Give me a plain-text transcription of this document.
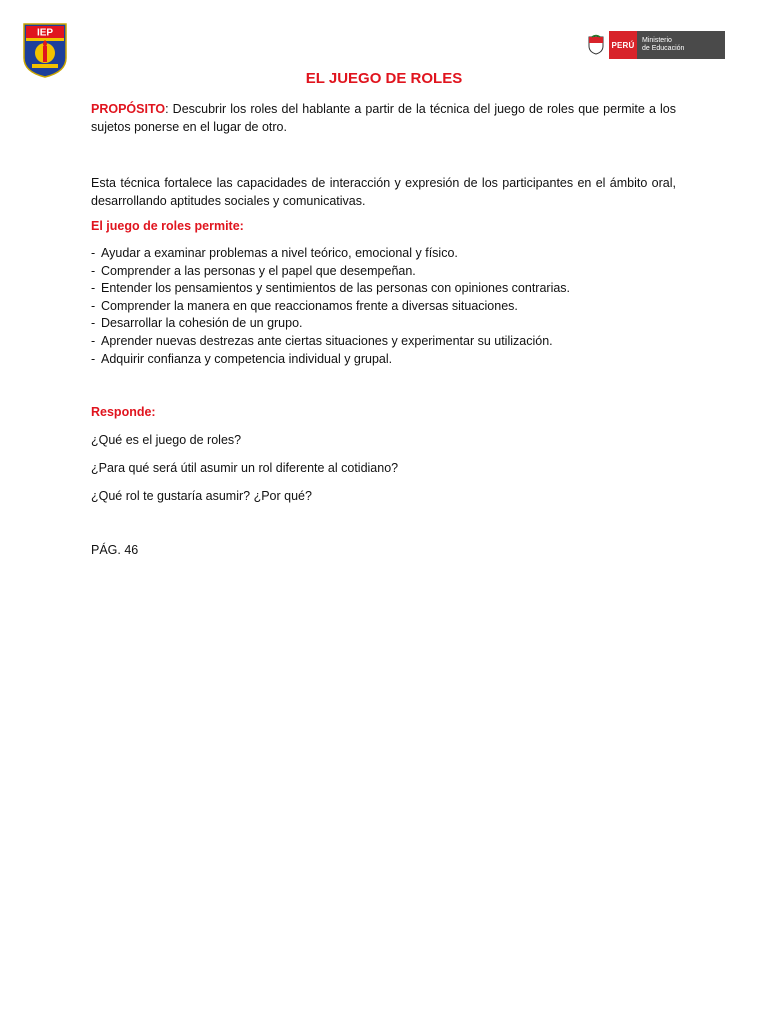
IEP
PERÚ	Ministerio
de Educación
EL JUEGO DE ROLES
PROPÓSITO: Descubrir los roles del hablante a partir de la técnica del juego de roles que permite a los sujetos ponerse en el lugar de otro.
Esta técnica fortalece las capacidades de interacción y expresión de los participantes en el ámbito oral, desarrollando aptitudes sociales y comunicativas.
El juego de roles permite:
- Ayudar a examinar problemas a nivel teórico, emocional y físico.
- Comprender a las personas y el papel que desempeñan.
- Entender los pensamientos y sentimientos de las personas con opiniones contrarias.
- Comprender la manera en que reaccionamos frente a diversas situaciones.
- Desarrollar la cohesión de un grupo.
- Aprender nuevas destrezas ante ciertas situaciones y experimentar su utilización.
- Adquirir confianza y competencia individual y grupal.
Responde:
¿Qué es el juego de roles?
¿Para qué será útil asumir un rol diferente al cotidiano?
¿Qué rol te gustaría asumir? ¿Por qué?
PÁG. 46
